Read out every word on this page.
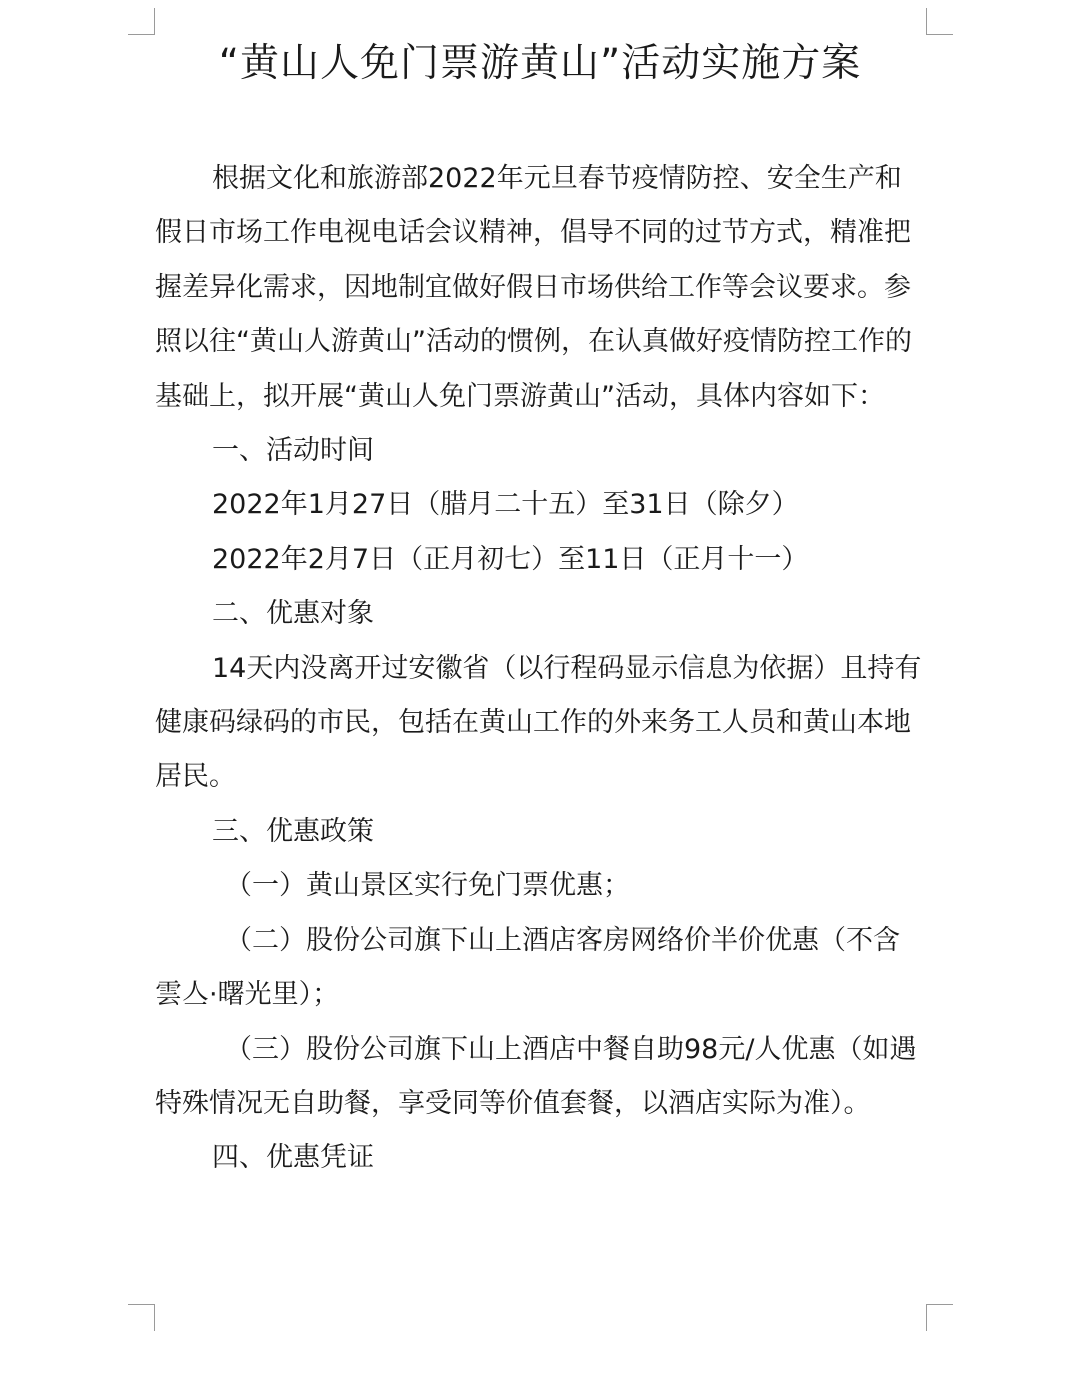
“黄山人免门票游黄山”活动实施方案

根据文化和旅游部2022年元旦春节疫情防控、安全生产和假日市场工作电视电话会议精神，倡导不同的过节方式，精准把握差异化需求，因地制宜做好假日市场供给工作等会议要求。参照以往“黄山人游黄山”活动的惯例，在认真做好疫情防控工作的基础上，拟开展“黄山人免门票游黄山”活动，具体内容如下：

一、活动时间

2022年1月27日（腊月二十五）至31日（除夕）

2022年2月7日（正月初七）至11日（正月十一）

二、优惠对象

14天内没离开过安徽省（以行程码显示信息为依据）且持有健康码绿码的市民，包括在黄山工作的外来务工人员和黄山本地居民。

三、优惠政策

（一）黄山景区实行免门票优惠；

（二）股份公司旗下山上酒店客房网络价半价优惠（不含雲亼·曙光里）；

（三）股份公司旗下山上酒店中餐自助98元/人优惠（如遇特殊情况无自助餐，享受同等价值套餐，以酒店实际为准）。

四、优惠凭证
